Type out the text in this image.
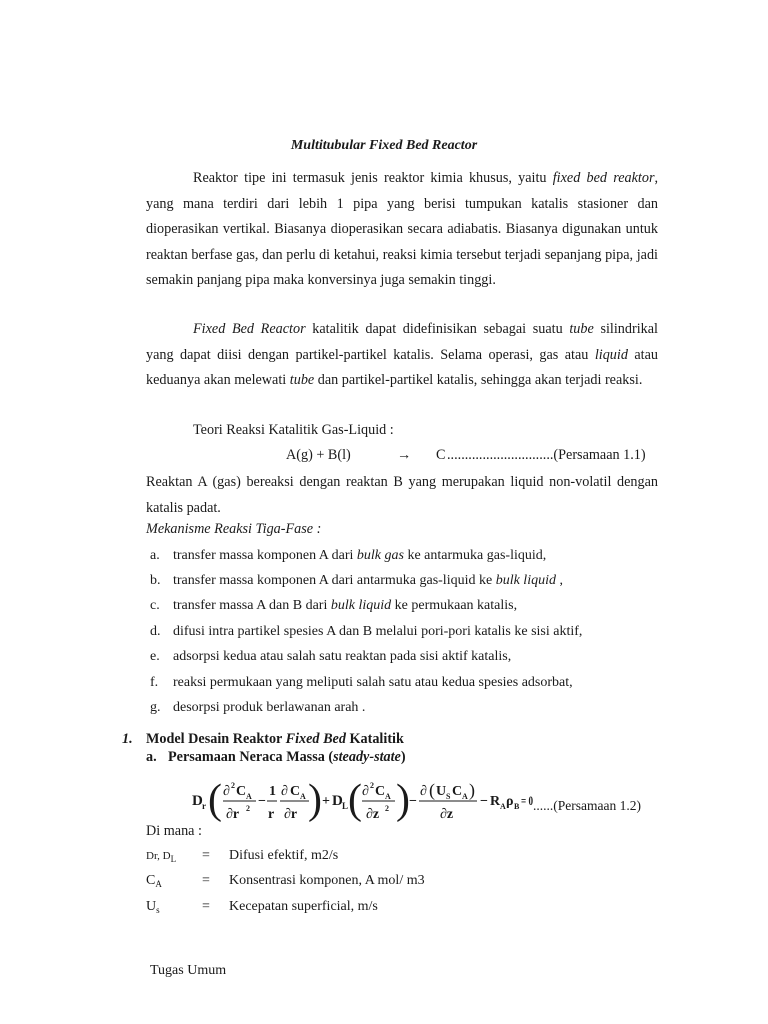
Multitubular Fixed Bed Reactor
Reaktor tipe ini termasuk jenis reaktor kimia khusus, yaitu fixed bed reaktor, yang mana terdiri dari lebih 1 pipa yang berisi tumpukan katalis stasioner dan dioperasikan vertikal. Biasanya dioperasikan secara adiabatis. Biasanya digunakan untuk reaktan berfase gas, dan perlu di ketahui, reaksi kimia tersebut terjadi sepanjang pipa, jadi semakin panjang pipa maka konversinya juga semakin tinggi.
Fixed Bed Reactor katalitik dapat didefinisikan sebagai suatu tube silindrikal yang dapat diisi dengan partikel-partikel katalis. Selama operasi, gas atau liquid atau keduanya akan melewati tube dan partikel-partikel katalis, sehingga akan terjadi reaksi.
Teori Reaksi Katalitik Gas-Liquid :
A(g) + B(l)	→ C ..............................(Persamaan 1.1)
Reaktan A (gas) bereaksi dengan reaktan B yang merupakan liquid non-volatil dengan katalis padat.
Mekanisme Reaksi Tiga-Fase :
a. transfer massa komponen A dari bulk gas ke antarmuka gas-liquid,
b. transfer massa komponen A dari antarmuka gas-liquid ke bulk liquid ,
c. transfer massa A dan B dari bulk liquid ke permukaan katalis,
d. difusi intra partikel spesies A dan B melalui pori-pori katalis ke sisi aktif,
e. adsorpsi kedua atau salah satu reaktan pada sisi aktif katalis,
f. reaksi permukaan yang meliputi salah satu atau kedua spesies adsorbat,
g. desorpsi produk berlawanan arah .
1. Model Desain Reaktor Fixed Bed Katalitik
a. Persamaan Neraca Massa (steady-state)
D r ( ∂ 2 C A
∂r 2 −
1
r
∂ C A
∂r ) + D L ( ∂ 2 C A
∂z 2 ) −
∂ ( U S C A )
∂z
− R A ρ B = 0 ......(Persamaan 1.2)
Di mana :
Dr, $D_L$ = Difusi efektif, m2/s
$C_A$	= Konsentrasi komponen, A mol/ m3
$U_s$	= Kecepatan superficial, m/s
Tugas Umum
